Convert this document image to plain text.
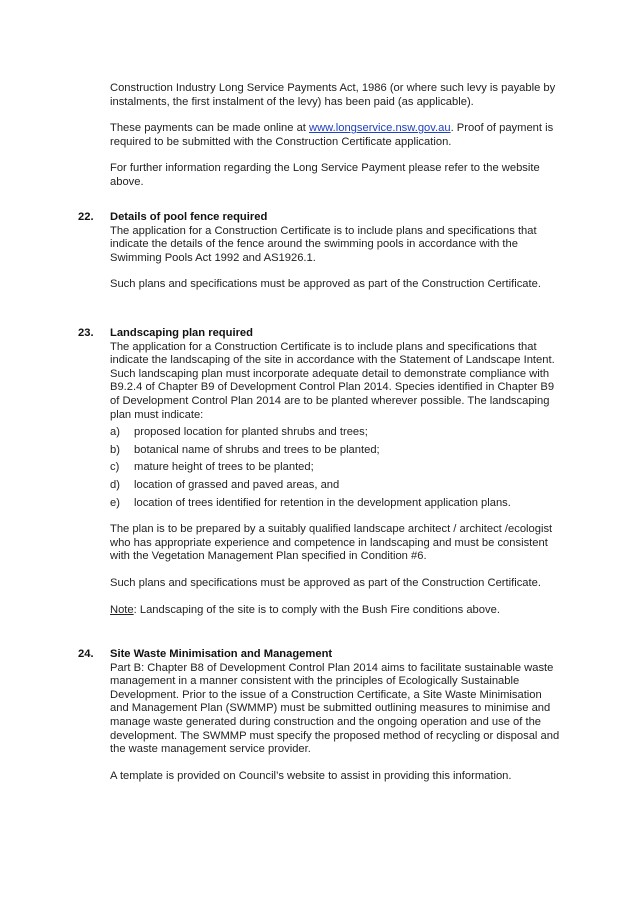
Construction Industry Long Service Payments Act, 1986 (or where such levy is payable by instalments, the first instalment of the levy) has been paid (as applicable).

These payments can be made online at www.longservice.nsw.gov.au. Proof of payment is required to be submitted with the Construction Certificate application.

For further information regarding the Long Service Payment please refer to the website above.

22. Details of pool fence required

The application for a Construction Certificate is to include plans and specifications that indicate the details of the fence around the swimming pools in accordance with the Swimming Pools Act 1992 and AS1926.1.

Such plans and specifications must be approved as part of the Construction Certificate.

23. Landscaping plan required

The application for a Construction Certificate is to include plans and specifications that indicate the landscaping of the site in accordance with the Statement of Landscape Intent. Such landscaping plan must incorporate adequate detail to demonstrate compliance with B9.2.4 of Chapter B9 of Development Control Plan 2014. Species identified in Chapter B9 of Development Control Plan 2014 are to be planted wherever possible. The landscaping plan must indicate:

a) proposed location for planted shrubs and trees;
b) botanical name of shrubs and trees to be planted;
c) mature height of trees to be planted;
d) location of grassed and paved areas, and
e) location of trees identified for retention in the development application plans.

The plan is to be prepared by a suitably qualified landscape architect / architect /ecologist who has appropriate experience and competence in landscaping and must be consistent with the Vegetation Management Plan specified in Condition #6.

Such plans and specifications must be approved as part of the Construction Certificate.

Note: Landscaping of the site is to comply with the Bush Fire conditions above.

24. Site Waste Minimisation and Management

Part B: Chapter B8 of Development Control Plan 2014 aims to facilitate sustainable waste management in a manner consistent with the principles of Ecologically Sustainable Development. Prior to the issue of a Construction Certificate, a Site Waste Minimisation and Management Plan (SWMMP) must be submitted outlining measures to minimise and manage waste generated during construction and the ongoing operation and use of the development. The SWMMP must specify the proposed method of recycling or disposal and the waste management service provider.

A template is provided on Council’s website to assist in providing this information.
